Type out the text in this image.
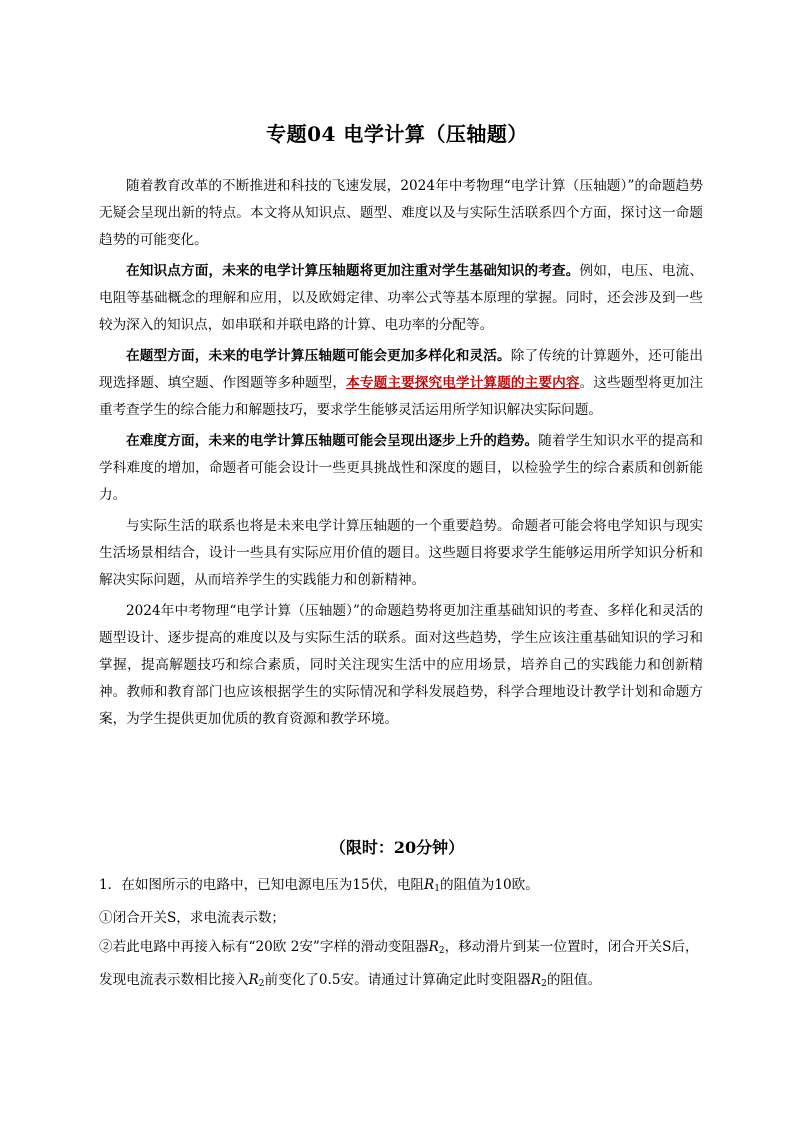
专题04 电学计算（压轴题）

随着教育改革的不断推进和科技的飞速发展，2024年中考物理“电学计算（压轴题）”的命题趋势无疑会呈现出新的特点。本文将从知识点、题型、难度以及与实际生活联系四个方面，探讨这一命题趋势的可能变化。

在知识点方面，未来的电学计算压轴题将更加注重对学生基础知识的考查。例如，电压、电流、电阻等基础概念的理解和应用，以及欧姆定律、功率公式等基本原理的掌握。同时，还会涉及到一些较为深入的知识点，如串联和并联电路的计算、电功率的分配等。

在题型方面，未来的电学计算压轴题可能会更加多样化和灵活。除了传统的计算题外，还可能出现选择题、填空题、作图题等多种题型，本专题主要探究电学计算题的主要内容。这些题型将更加注重考查学生的综合能力和解题技巧，要求学生能够灵活运用所学知识解决实际问题。

在难度方面，未来的电学计算压轴题可能会呈现出逐步上升的趋势。随着学生知识水平的提高和学科难度的增加，命题者可能会设计一些更具挑战性和深度的题目，以检验学生的综合素质和创新能力。

与实际生活的联系也将是未来电学计算压轴题的一个重要趋势。命题者可能会将电学知识与现实生活场景相结合，设计一些具有实际应用价值的题目。这些题目将要求学生能够运用所学知识分析和解决实际问题，从而培养学生的实践能力和创新精神。

2024年中考物理“电学计算（压轴题）”的命题趋势将更加注重基础知识的考查、多样化和灵活的题型设计、逐步提高的难度以及与实际生活的联系。面对这些趋势，学生应该注重基础知识的学习和掌握，提高解题技巧和综合素质，同时关注现实生活中的应用场景，培养自己的实践能力和创新精神。教师和教育部门也应该根据学生的实际情况和学科发展趋势，科学合理地设计教学计划和命题方案，为学生提供更加优质的教育资源和教学环境。

（限时：20分钟）

1．在如图所示的电路中，已知电源电压为15伏，电阻$R_1$的阻值为10欧。

①闭合开关S，求电流表示数；

②若此电路中再接入标有“20欧 2安”字样的滑动变阻器$R_2$，移动滑片到某一位置时，闭合开关S后，发现电流表示数相比接入$R_2$前变化了0.5安。请通过计算确定此时变阻器$R_2$的阻值。
